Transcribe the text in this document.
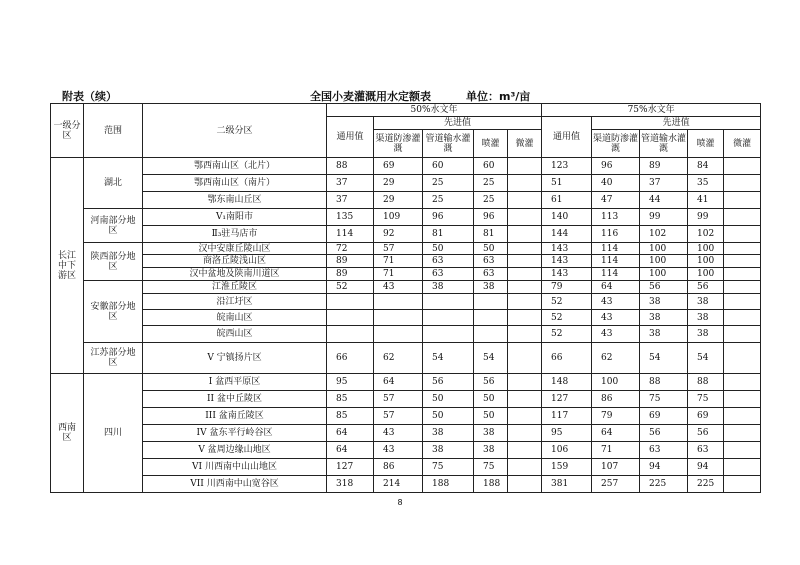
附表（续）	全国小麦灌溉用水定额表	单位：m³/亩
一级分区	范围	二级分区	50%水文年					75%水文年				
			通用值	先进值				通用值	先进值			
				渠道防渗灌溉	管道输水灌溉	喷灌	微灌		渠道防渗灌溉	管道输水灌溉	喷灌	微灌
长江中下游区	湖北	鄂西南山区（北片）	88	69	60	60		123	96	89	84	
		鄂西南山区（南片）	37	29	25	25		51	40	37	35	
		鄂东南山丘区	37	29	25	25		61	47	44	41	
	河南部分地区	V₁南阳市	135	109	96	96		140	113	99	99	
		Ⅱ₃驻马店市	114	92	81	81		144	116	102	102	
	陕西部分地区	汉中安康丘陵山区	72	57	50	50		143	114	100	100	
		商洛丘陵浅山区	89	71	63	63		143	114	100	100	
		汉中盆地及陕南川道区	89	71	63	63		143	114	100	100	
	安徽部分地区	江淮丘陵区	52	43	38	38		79	64	56	56	
		沿江圩区						52	43	38	38	
		皖南山区						52	43	38	38	
		皖西山区						52	43	38	38	
	江苏部分地区	V 宁镇扬片区	66	62	54	54		66	62	54	54	
西南区	四川	I 盆西平原区	95	64	56	56		148	100	88	88	
		II 盆中丘陵区	85	57	50	50		127	86	75	75	
		III 盆南丘陵区	85	57	50	50		117	79	69	69	
		IV 盆东平行岭谷区	64	43	38	38		95	64	56	56	
		V 盆周边缘山地区	64	43	38	38		106	71	63	63	
		VI 川西南中山山地区	127	86	75	75		159	107	94	94	
		VII 川西南中山宽谷区	318	214	188	188		381	257	225	225	
8
